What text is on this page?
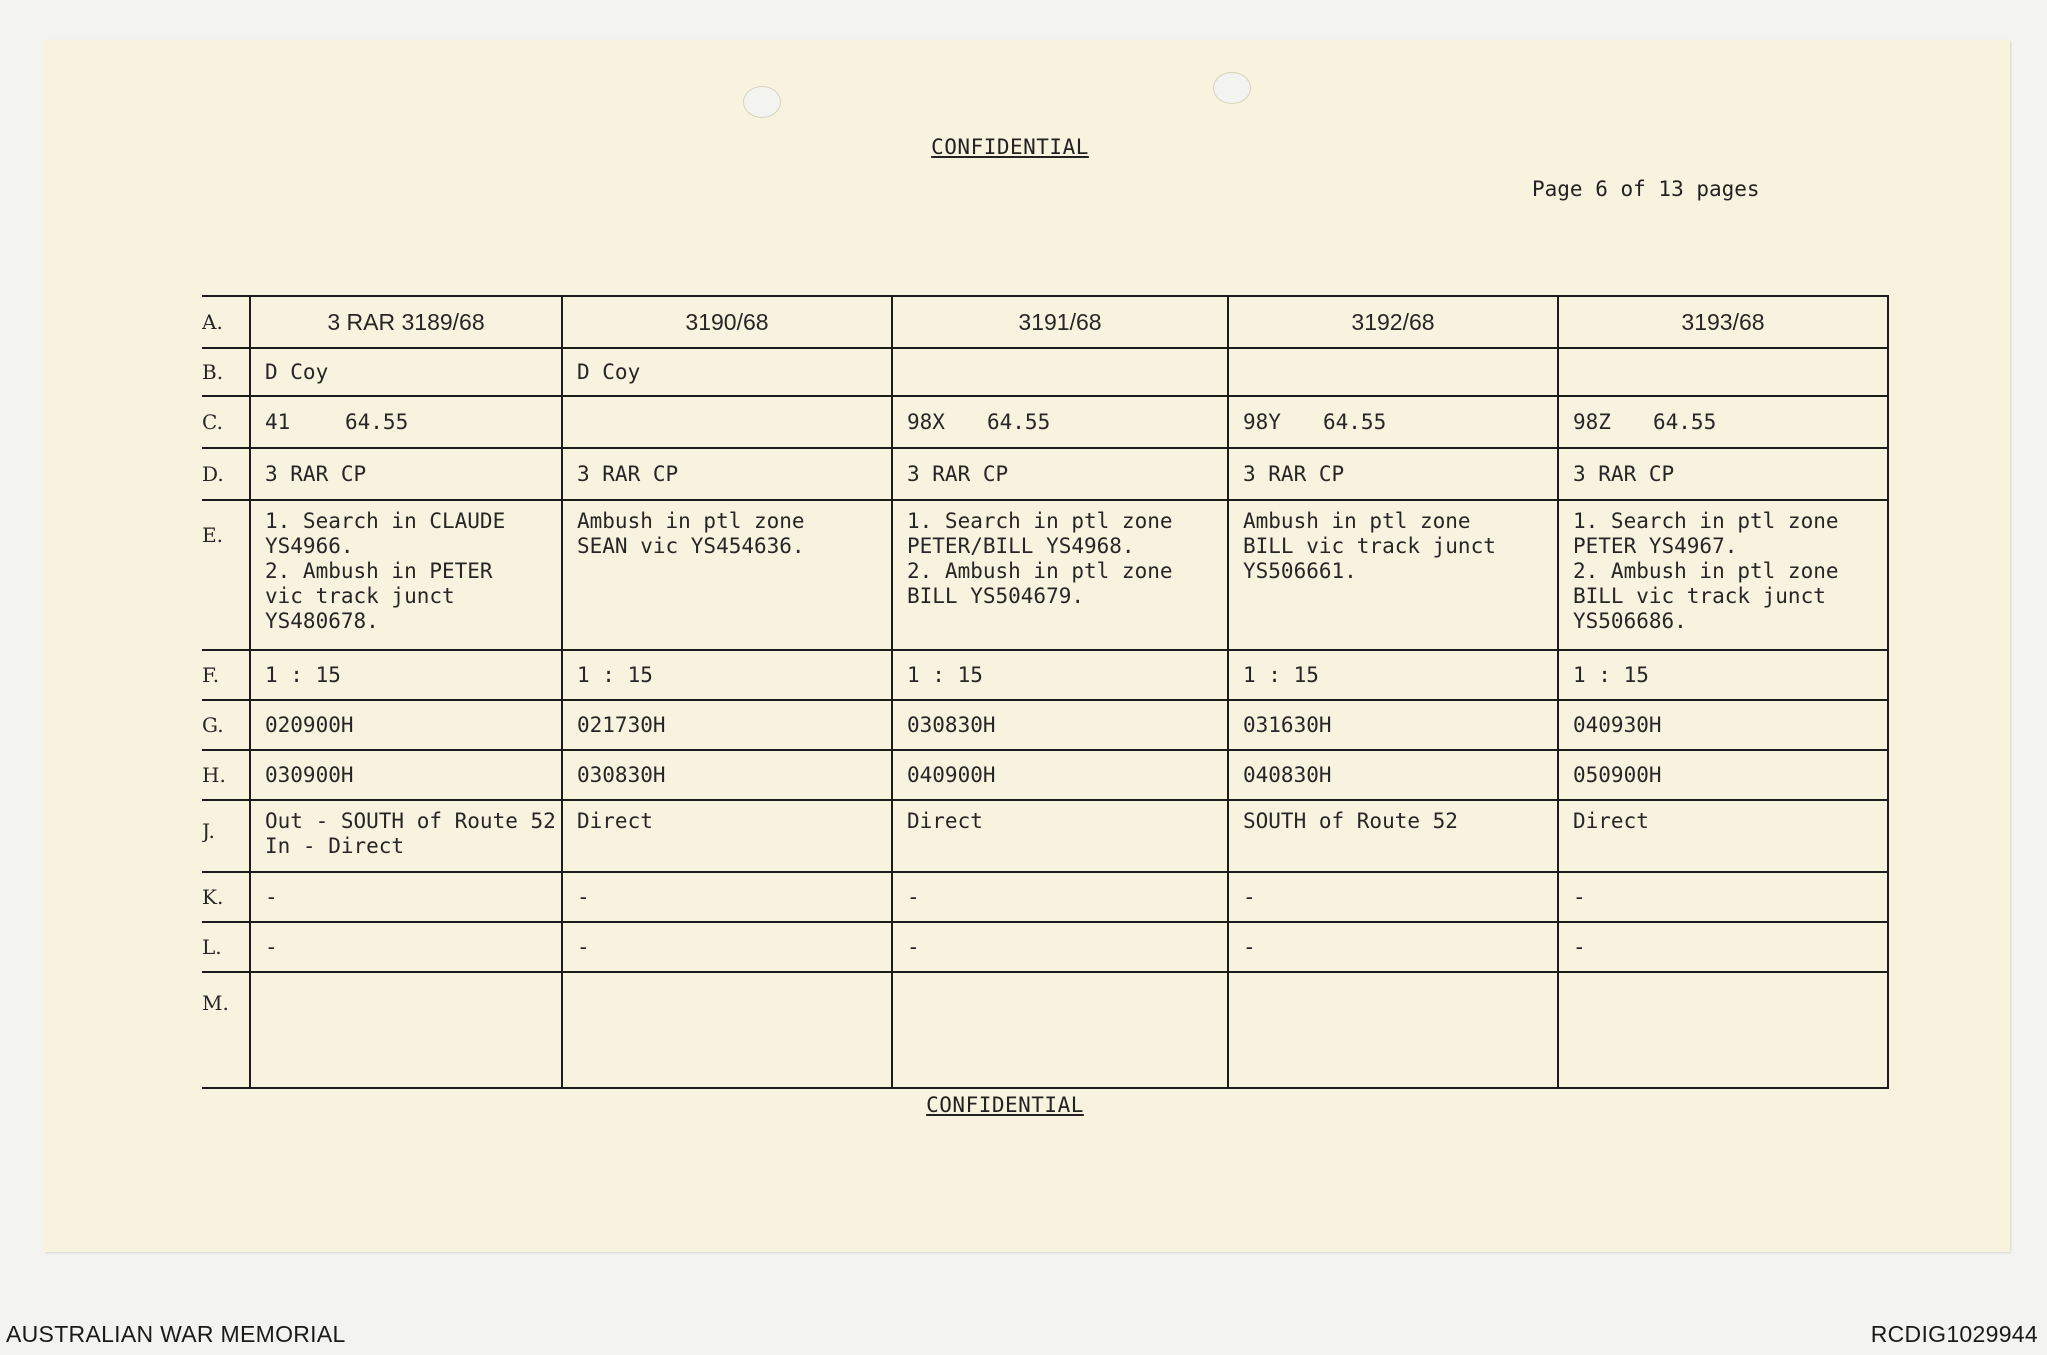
CONFIDENTIAL
Page 6 of 13 pages
A.	3 RAR 3189/68	3190/68	3191/68	3192/68	3193/68
B.	D Coy	D Coy			
C.	41 64.55		98X 64.55	98Y 64.55	98Z 64.55
D.	3 RAR CP	3 RAR CP	3 RAR CP	3 RAR CP	3 RAR CP
E.	1. Search in CLAUDE
YS4966.
2. Ambush in PETER
vic track junct
YS480678.	Ambush in ptl zone
SEAN vic YS454636.	1. Search in ptl zone
PETER/BILL YS4968.
2. Ambush in ptl zone
BILL YS504679.	Ambush in ptl zone
BILL vic track junct
YS506661.	1. Search in ptl zone
PETER YS4967.
2. Ambush in ptl zone
BILL vic track junct
YS506686.
F.	1 : 15	1 : 15	1 : 15	1 : 15	1 : 15
G.	020900H	021730H	030830H	031630H	040930H
H.	030900H	030830H	040900H	040830H	050900H
J.	Out - SOUTH of Route 52
In - Direct	Direct	Direct	SOUTH of Route 52	Direct
K.	-	-	-	-	-
L.	-	-	-	-	-
M.					
CONFIDENTIAL
AUSTRALIAN WAR MEMORIAL	RCDIG1029944
